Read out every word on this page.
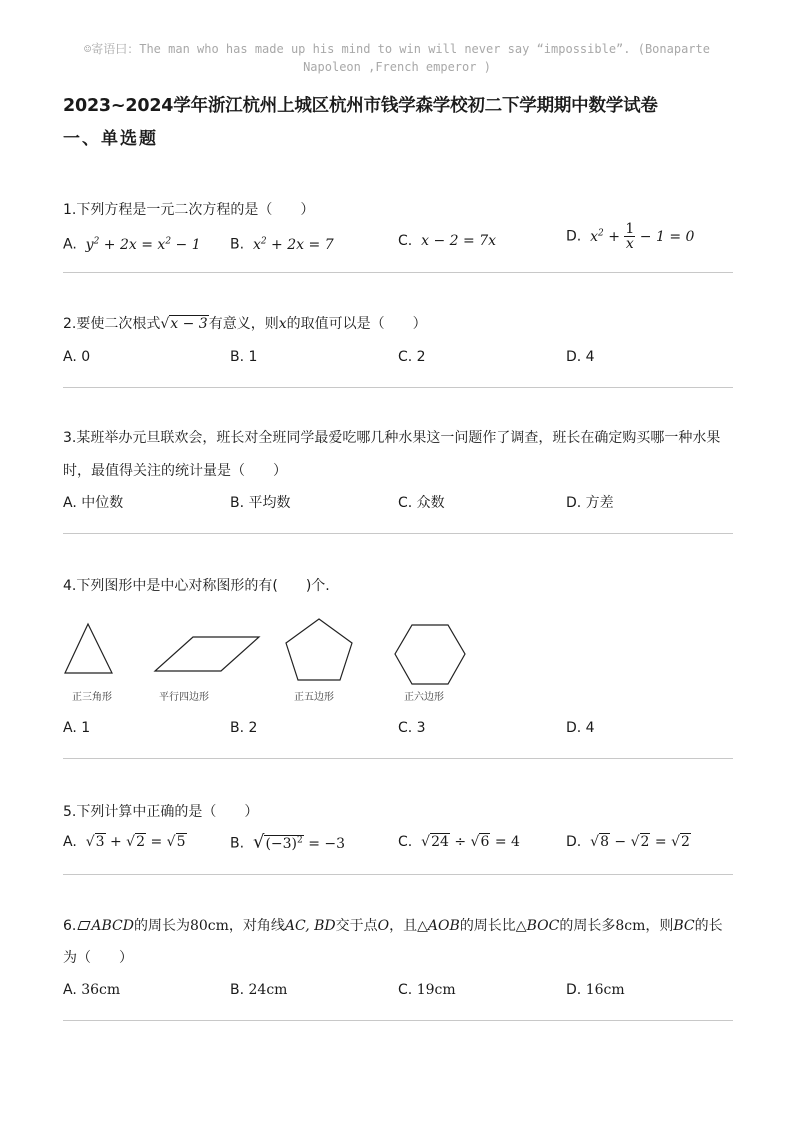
☺寄语曰：The man who has made up his mind to win will never say “impossible”. (Bonaparte
Napoleon ,French emperor )
2023~2024学年浙江杭州上城区杭州市钱学森学校初二下学期期中数学试卷
一、单选题
1.下列方程是一元二次方程的是（　　）
A.  $y^2 + 2x = x^2 - 1$ B.  $x^2 + 2x = 7$	C.  x − 2 = 7x	D.  $x^2 + \frac{1}{x} - 1 = 0$
2.要使二次根式√x − 3有意义，则x的取值可以是（　　）
A. 0	B. 1	C. 2	D. 4
3.某班举办元旦联欢会，班长对全班同学最爱吃哪几种水果这一问题作了调查，班长在确定购买哪一种水果
时，最值得关注的统计量是（　　）
A. 中位数	B. 平均数	C. 众数	D. 方差
4.下列图形中是中心对称图形的有(　　)个.
正三角形	平行四边形	正五边形	正六边形
A. 1	B. 2	C. 3	D. 4
5.下列计算中正确的是（　　）
A. √3 + √2 = √5	B. $√(-3)^2 = -3$	C. √24 ÷ √6 = 4	D. √8 − √2 = √2
6. ABCD的周长为80cm，对角线AC, BD交于点O，且△AOB的周长比△BOC的周长多8cm，则BC的长
为（　　）
A. 36cm	B. 24cm	C. 19cm	D. 16cm
